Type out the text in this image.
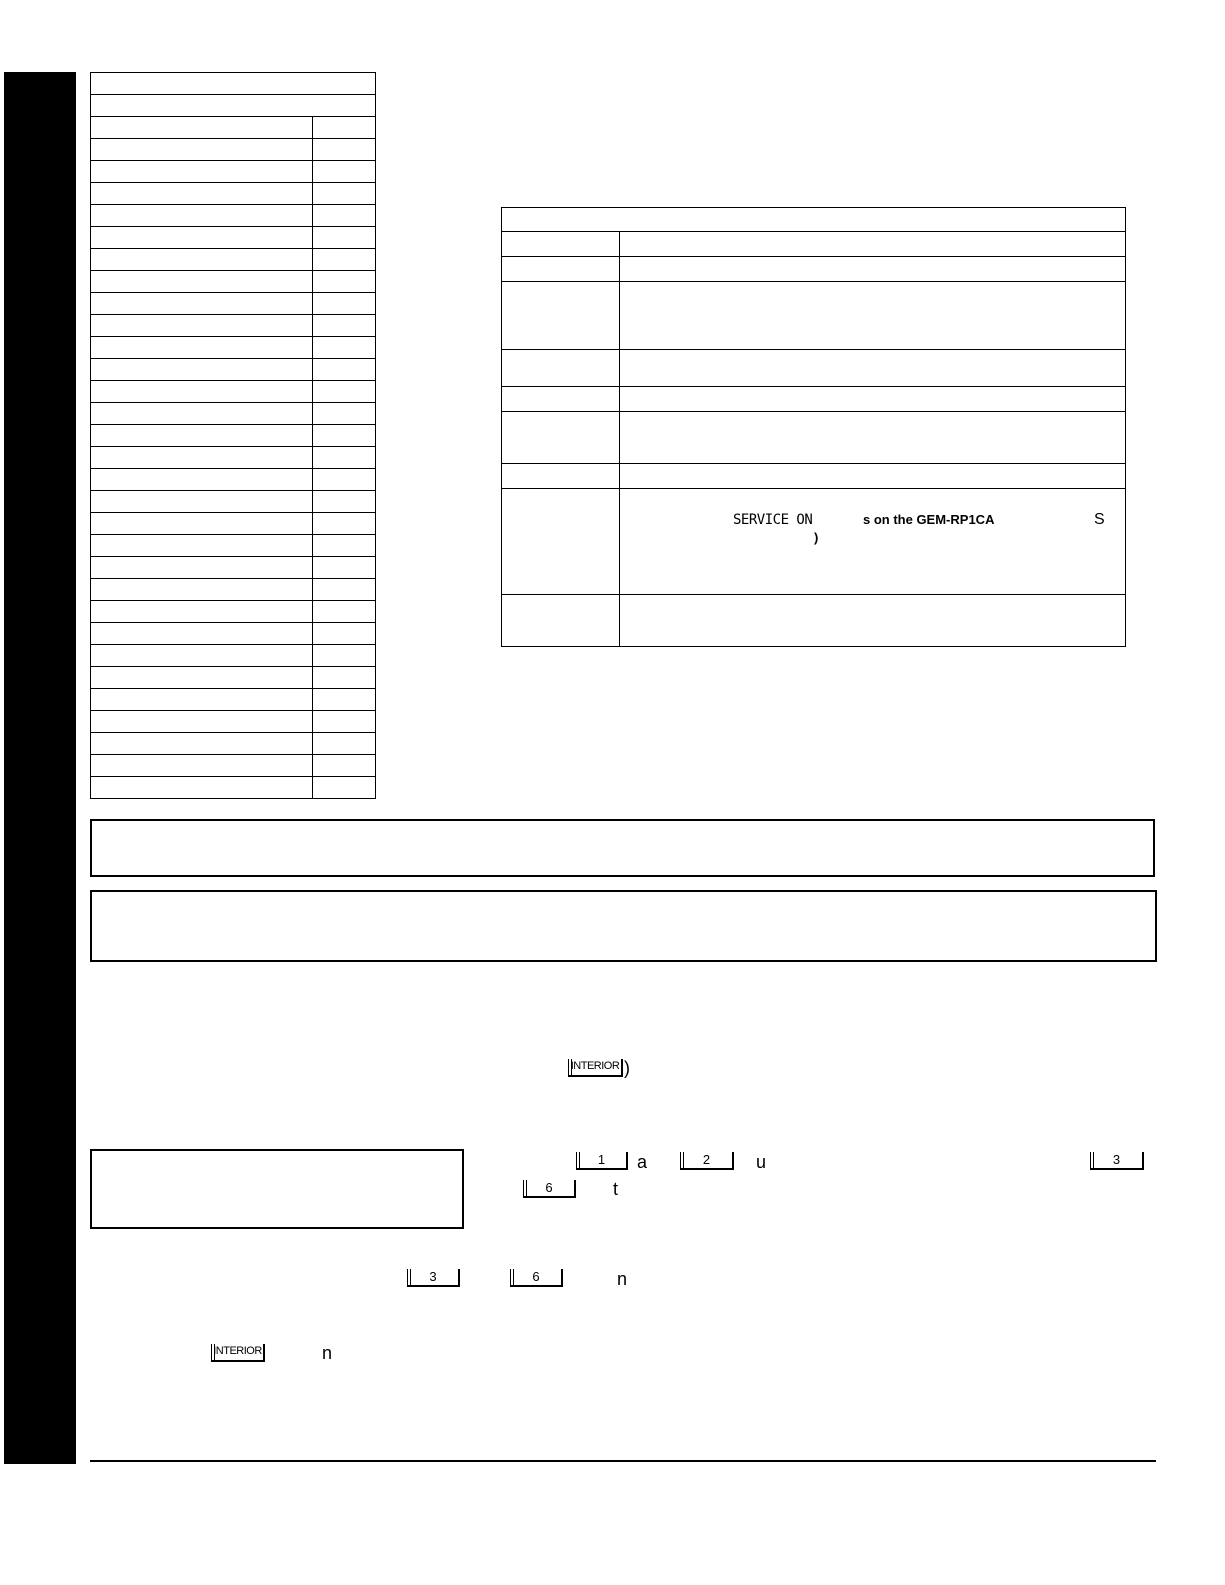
SERVICE ON	s on the GEM-RP1CA	S
)
INTERIOR )
1	a	2	u	3
6	t
3	6	n
INTERIOR	n
